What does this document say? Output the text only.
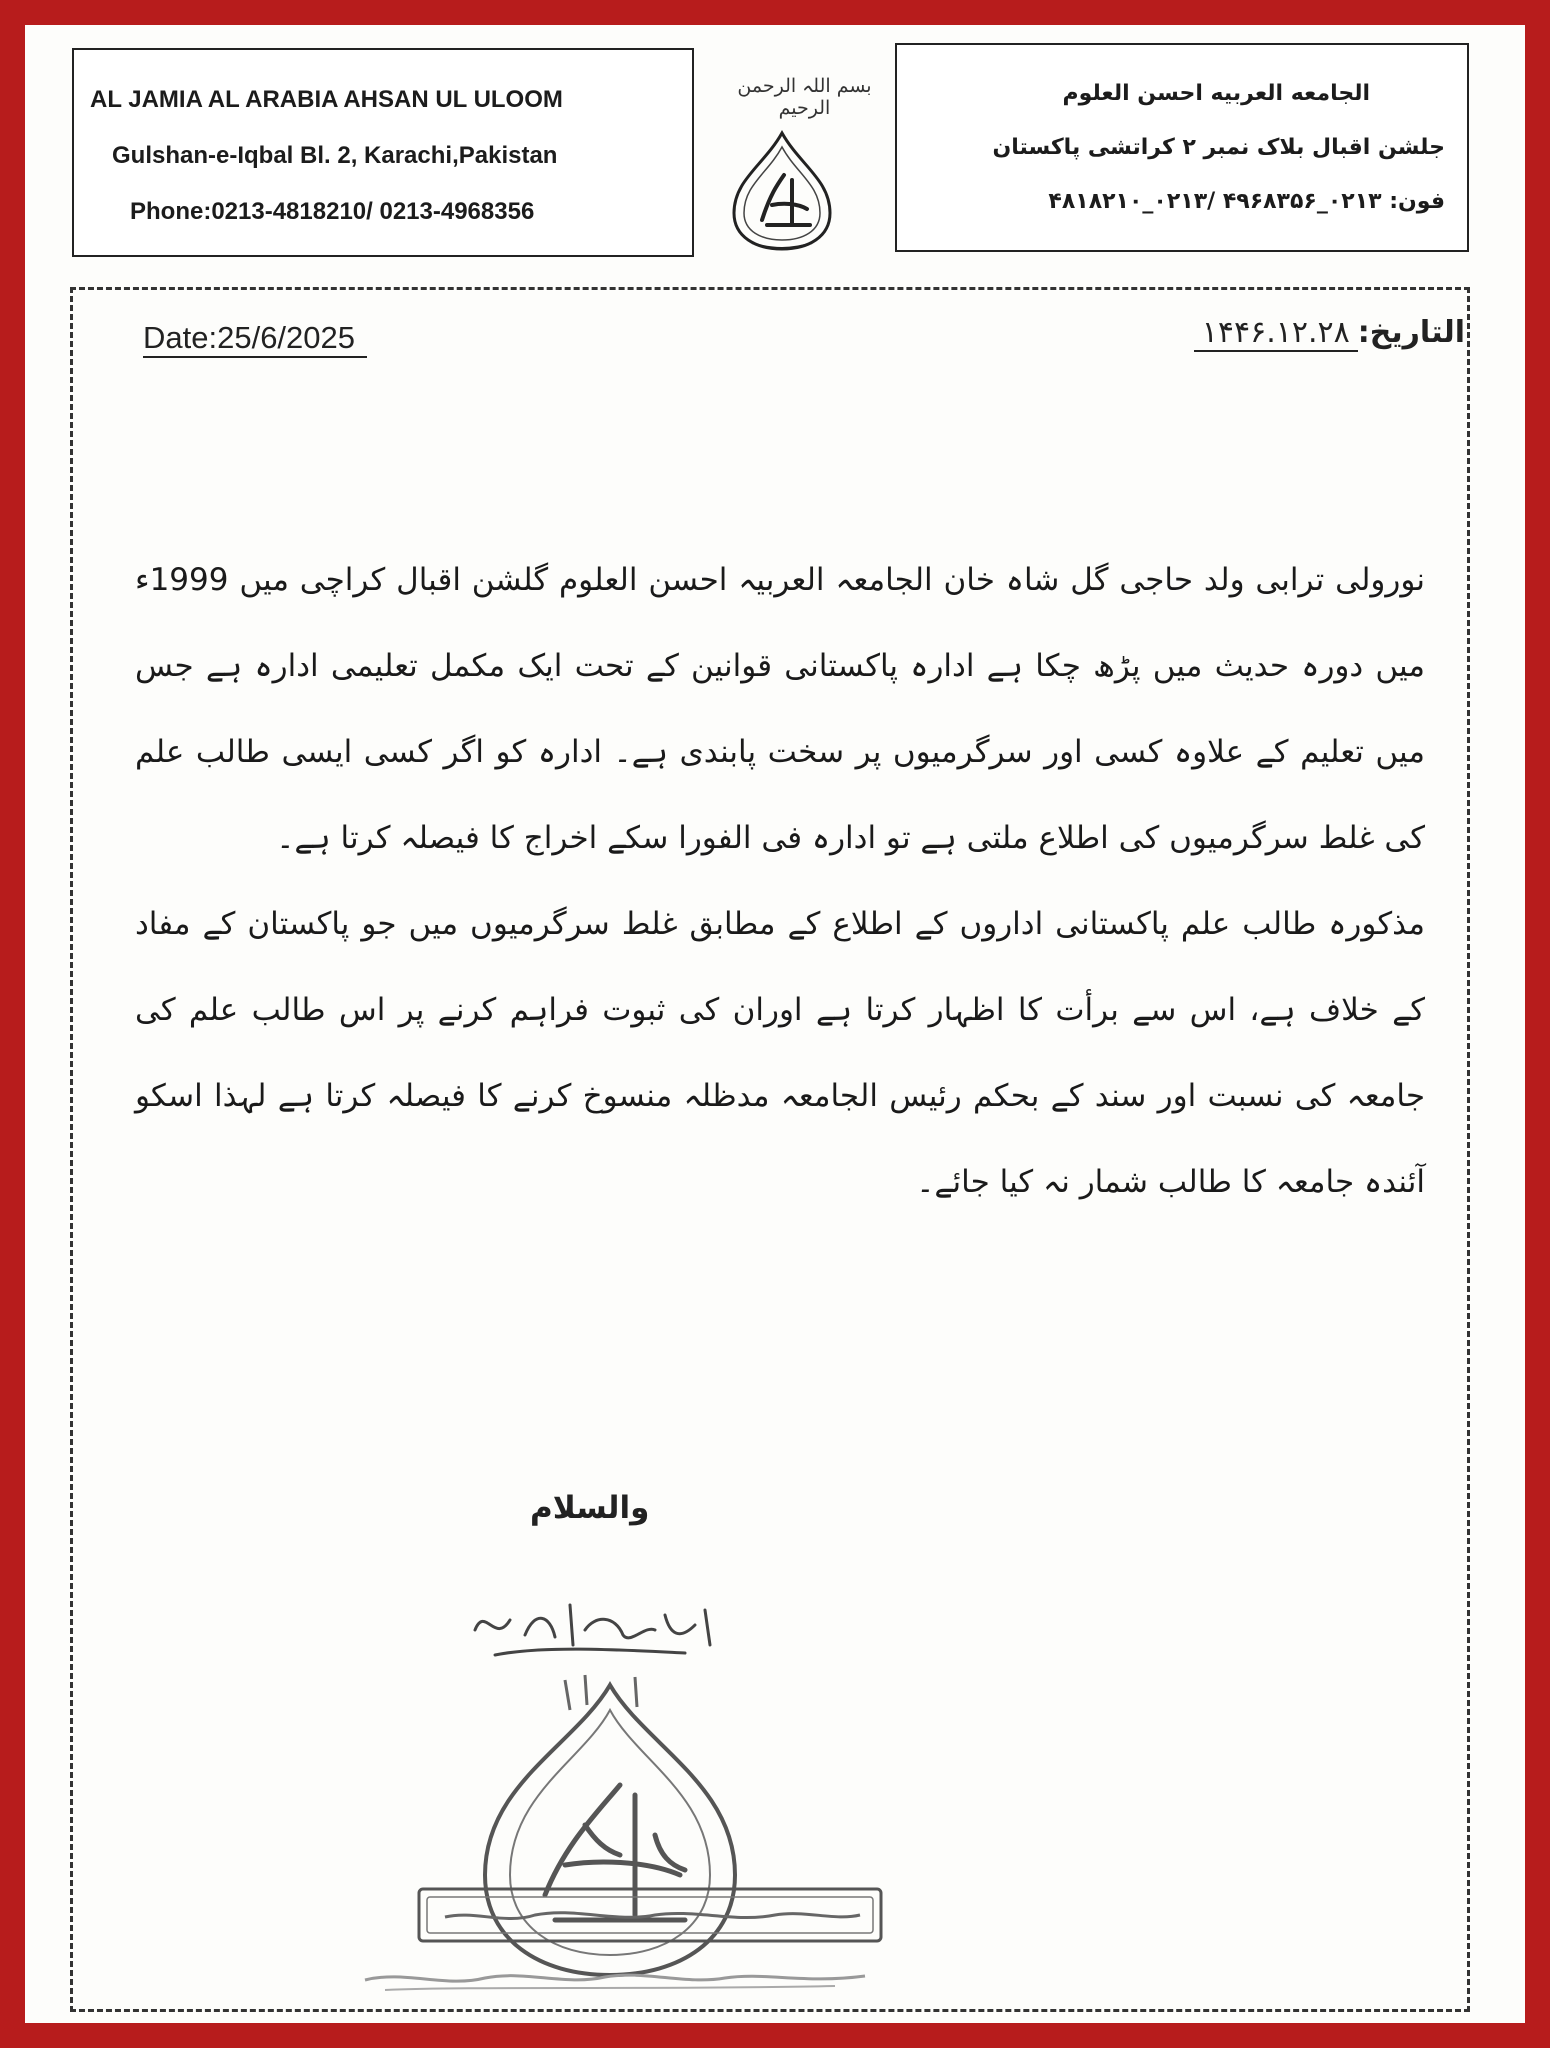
AL JAMIA AL ARABIA AHSAN UL ULOOM
Gulshan-e-Iqbal Bl. 2, Karachi,Pakistan
Phone:0213-4818210/ 0213-4968356
بسم اللہ الرحمن الرحیم
الجامعه العربيه احسن العلوم
جلشن اقبال بلاک نمبر ۲ کراتشی پاکستان
فون: ۰۲۱۳_۴۹۶۸۳۵۶ /۰۲۱۳_۴۸۱۸۲۱۰
Date:25/6/2025	التاریخ:۱۴۴۶.۱۲.۲۸

نورولی ترابی ولد حاجی گل شاہ خان الجامعہ العربیہ احسن العلوم گلشن اقبال کراچی میں 1999ء میں دورہ حدیث میں پڑھ چکا ہے ادارہ پاکستانی قوانین کے تحت ایک مکمل تعلیمی ادارہ ہے جس میں تعلیم کے علاوہ کسی اور سرگرمیوں پر سخت پابندی ہے۔ ادارہ کو اگر کسی ایسی طالب علم کی غلط سرگرمیوں کی اطلاع ملتی ہے تو ادارہ فی الفورا سکے اخراج کا فیصلہ کرتا ہے۔

مذکورہ طالب علم پاکستانی اداروں کے اطلاع کے مطابق غلط سرگرمیوں میں جو پاکستان کے مفاد کے خلاف ہے، اس سے برأت کا اظہار کرتا ہے اوران کی ثبوت فراہم کرنے پر اس طالب علم کی جامعہ کی نسبت اور سند کے بحکم رئیس الجامعہ مدظلہ منسوخ کرنے کا فیصلہ کرتا ہے لہذا اسکو آئندہ جامعہ کا طالب شمار نہ کیا جائے۔

والسلام
